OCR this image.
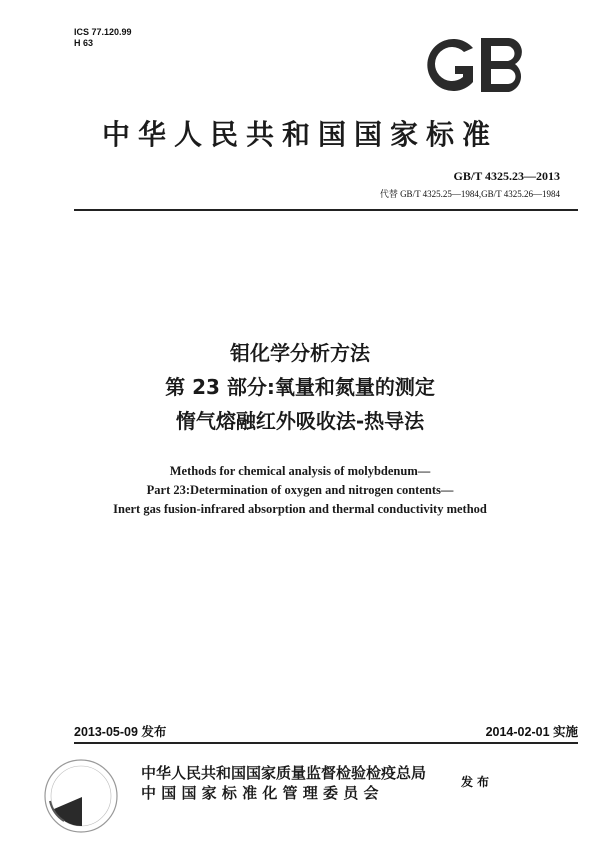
ICS 77.120.99
H 63
GB
中华人民共和国国家标准
GB/T 4325.23—2013
代替 GB/T 4325.25—1984,GB/T 4325.26—1984
钼化学分析方法
第 23 部分:氧量和氮量的测定
惰气熔融红外吸收法-热导法
Methods for chemical analysis of molybdenum—
Part 23:Determination of oxygen and nitrogen contents—
Inert gas fusion-infrared absorption and thermal conductivity method
2013-05-09 发布	2014-02-01 实施
中华人民共和国国家质量监督检验检疫总局
中 国 国 家 标 准 化 管 理 委 员 会
发布
